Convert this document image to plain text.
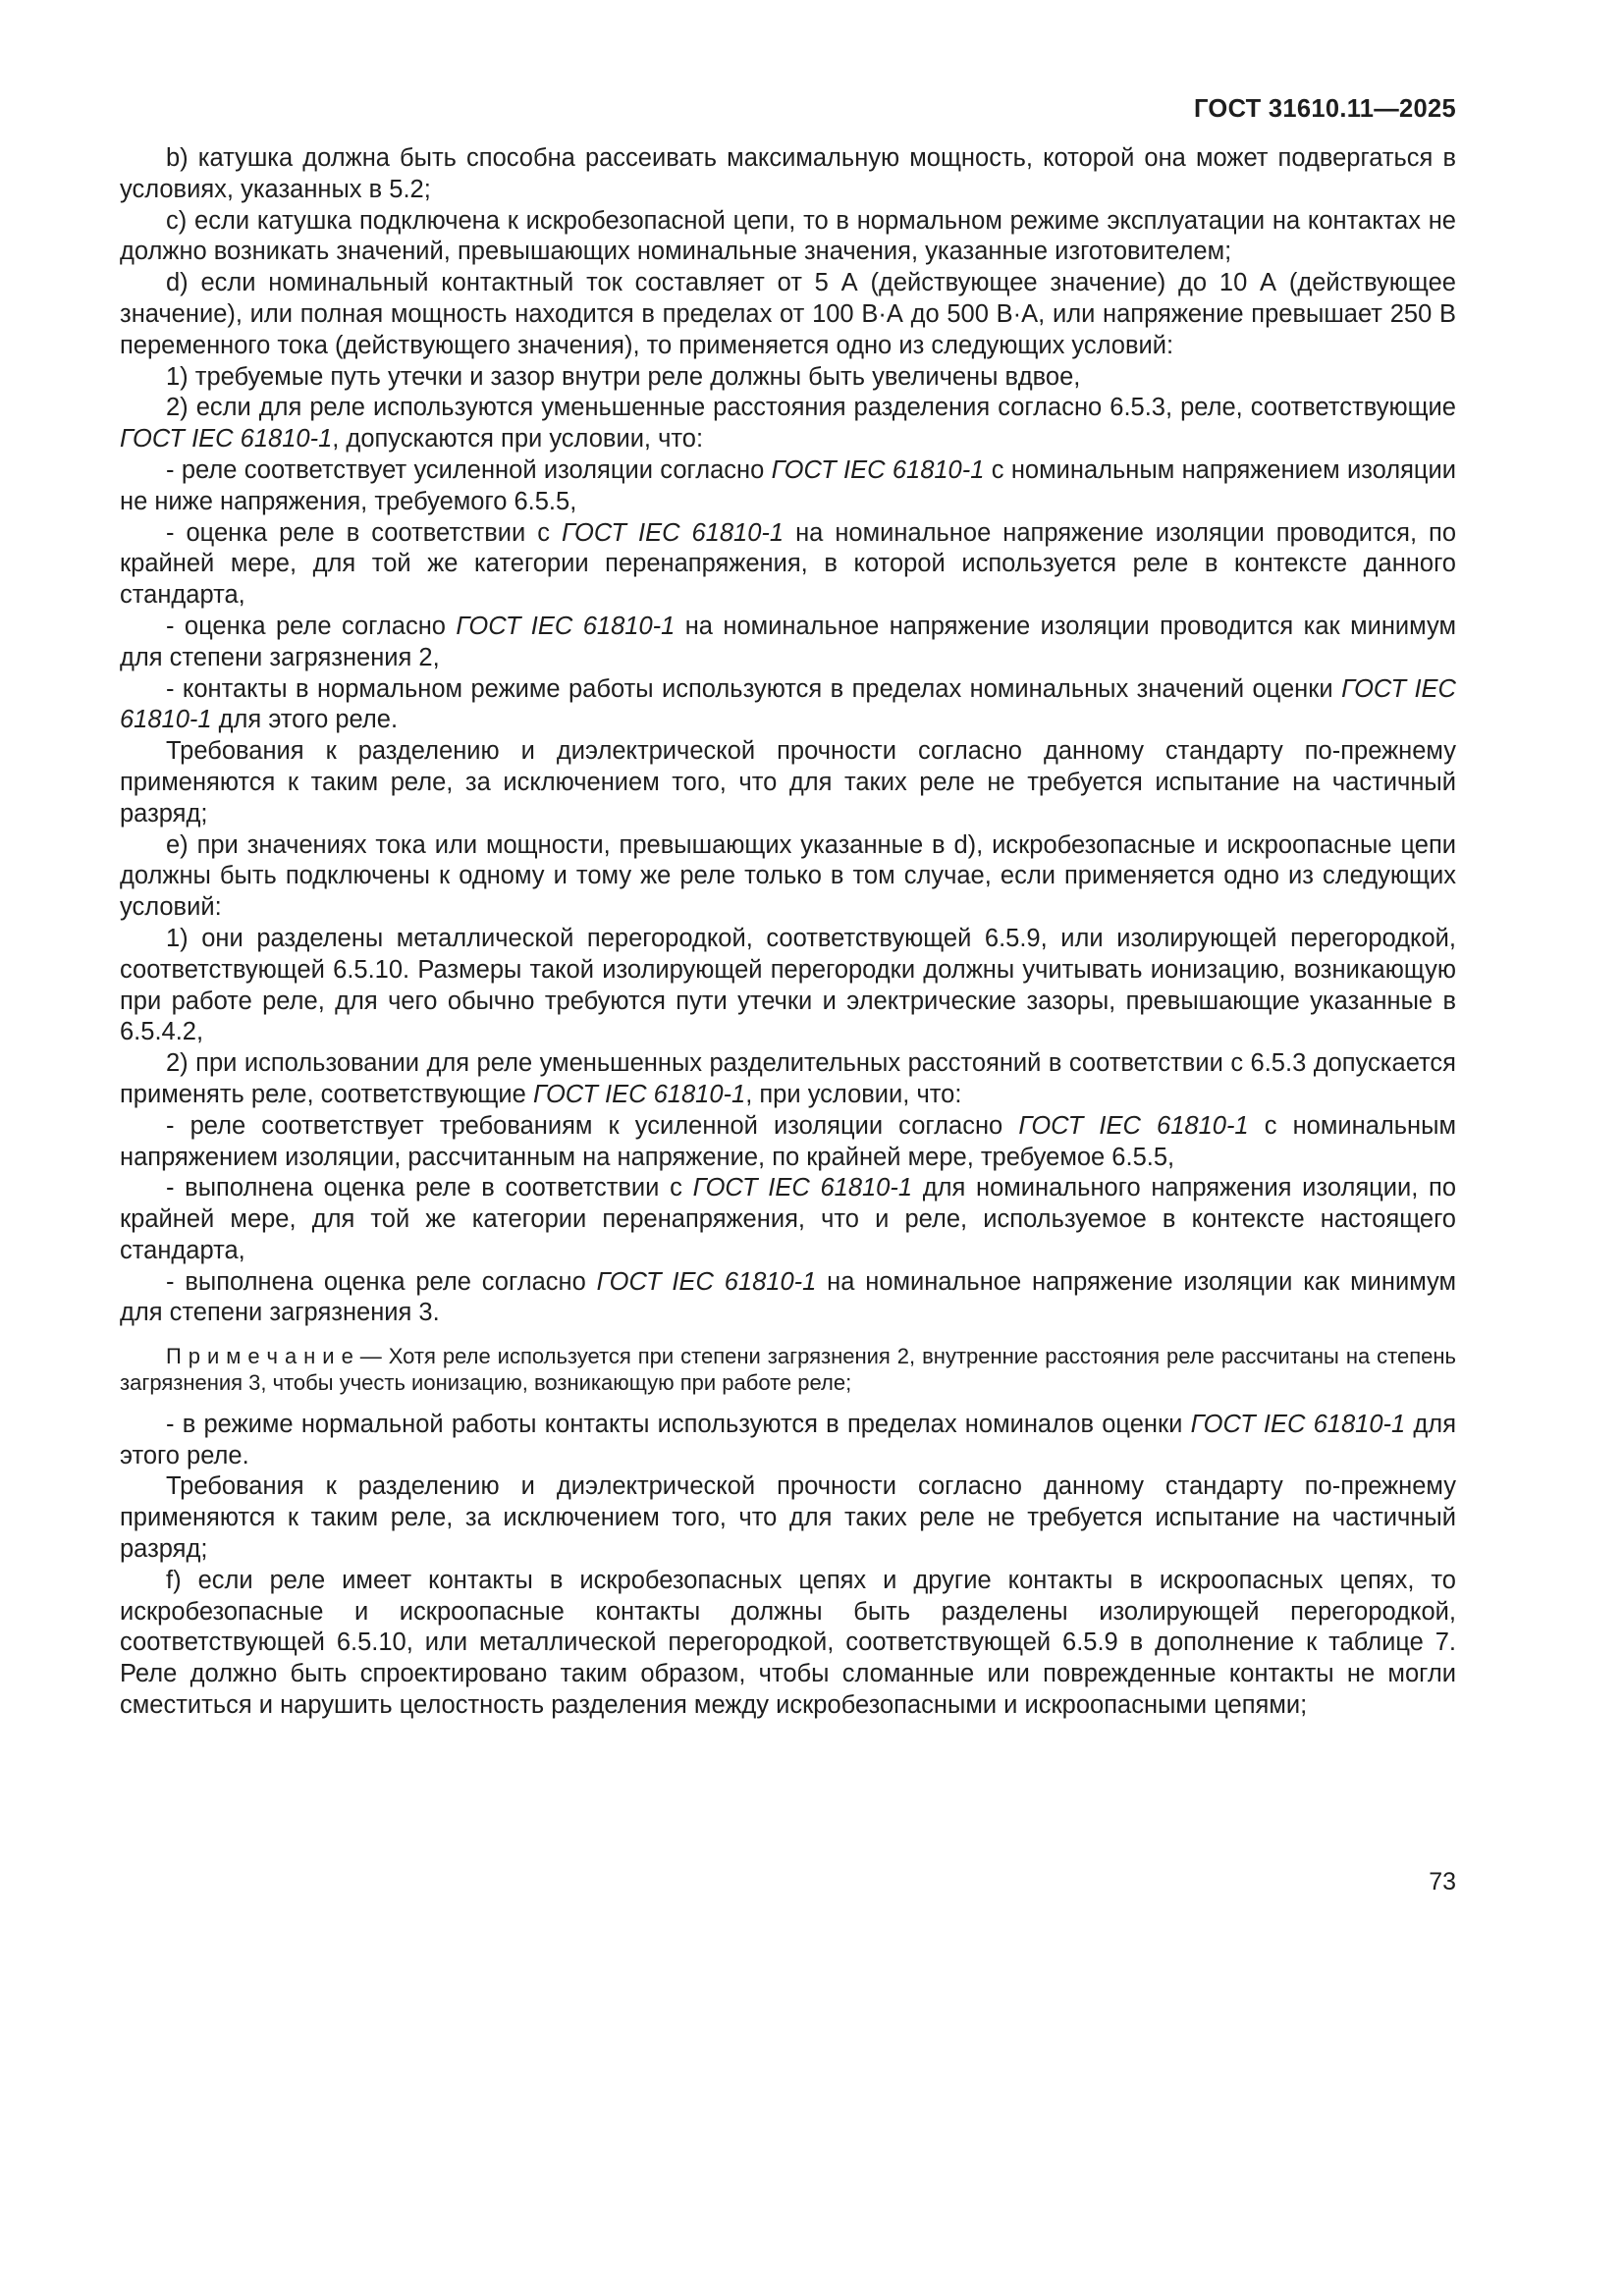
ГОСТ 31610.11—2025

b) катушка должна быть способна рассеивать максимальную мощность, которой она может подвергаться в условиях, указанных в 5.2;

c) если катушка подключена к искробезопасной цепи, то в нормальном режиме эксплуатации на контактах не должно возникать значений, превышающих номинальные значения, указанные изготовителем;

d) если номинальный контактный ток составляет от 5 А (действующее значение) до 10 А (действующее значение), или полная мощность находится в пределах от 100 В·А до 500 В·А, или напряжение превышает 250 В переменного тока (действующего значения), то применяется одно из следующих условий:

1) требуемые путь утечки и зазор внутри реле должны быть увеличены вдвое,

2) если для реле используются уменьшенные расстояния разделения согласно 6.5.3, реле, соответствующие ГОСТ IEC 61810-1, допускаются при условии, что:

- реле соответствует усиленной изоляции согласно ГОСТ IEC 61810-1 с номинальным напряжением изоляции не ниже напряжения, требуемого 6.5.5,

- оценка реле в соответствии с ГОСТ IEC 61810-1 на номинальное напряжение изоляции проводится, по крайней мере, для той же категории перенапряжения, в которой используется реле в контексте данного стандарта,

- оценка реле согласно ГОСТ IEC 61810-1 на номинальное напряжение изоляции проводится как минимум для степени загрязнения 2,

- контакты в нормальном режиме работы используются в пределах номинальных значений оценки ГОСТ IEC 61810-1 для этого реле.

Требования к разделению и диэлектрической прочности согласно данному стандарту по-прежнему применяются к таким реле, за исключением того, что для таких реле не требуется испытание на частичный разряд;

e) при значениях тока или мощности, превышающих указанные в d), искробезопасные и искроопасные цепи должны быть подключены к одному и тому же реле только в том случае, если применяется одно из следующих условий:

1) они разделены металлической перегородкой, соответствующей 6.5.9, или изолирующей перегородкой, соответствующей 6.5.10. Размеры такой изолирующей перегородки должны учитывать ионизацию, возникающую при работе реле, для чего обычно требуются пути утечки и электрические зазоры, превышающие указанные в 6.5.4.2,

2) при использовании для реле уменьшенных разделительных расстояний в соответствии с 6.5.3 допускается применять реле, соответствующие ГОСТ IEC 61810-1, при условии, что:

- реле соответствует требованиям к усиленной изоляции согласно ГОСТ IEC 61810-1 с номинальным напряжением изоляции, рассчитанным на напряжение, по крайней мере, требуемое 6.5.5,

- выполнена оценка реле в соответствии с ГОСТ IEC 61810-1 для номинального напряжения изоляции, по крайней мере, для той же категории перенапряжения, что и реле, используемое в контексте настоящего стандарта,

- выполнена оценка реле согласно ГОСТ IEC 61810-1 на номинальное напряжение изоляции как минимум для степени загрязнения 3.

П р и м е ч а н и е — Хотя реле используется при степени загрязнения 2, внутренние расстояния реле рассчитаны на степень загрязнения 3, чтобы учесть ионизацию, возникающую при работе реле;

- в режиме нормальной работы контакты используются в пределах номиналов оценки ГОСТ IEC 61810-1 для этого реле.

Требования к разделению и диэлектрической прочности согласно данному стандарту по-прежнему применяются к таким реле, за исключением того, что для таких реле не требуется испытание на частичный разряд;

f) если реле имеет контакты в искробезопасных цепях и другие контакты в искроопасных цепях, то искробезопасные и искроопасные контакты должны быть разделены изолирующей перегородкой, соответствующей 6.5.10, или металлической перегородкой, соответствующей 6.5.9 в дополнение к таблице 7. Реле должно быть спроектировано таким образом, чтобы сломанные или поврежденные контакты не могли сместиться и нарушить целостность разделения между искробезопасными и искроопасными цепями;

73
